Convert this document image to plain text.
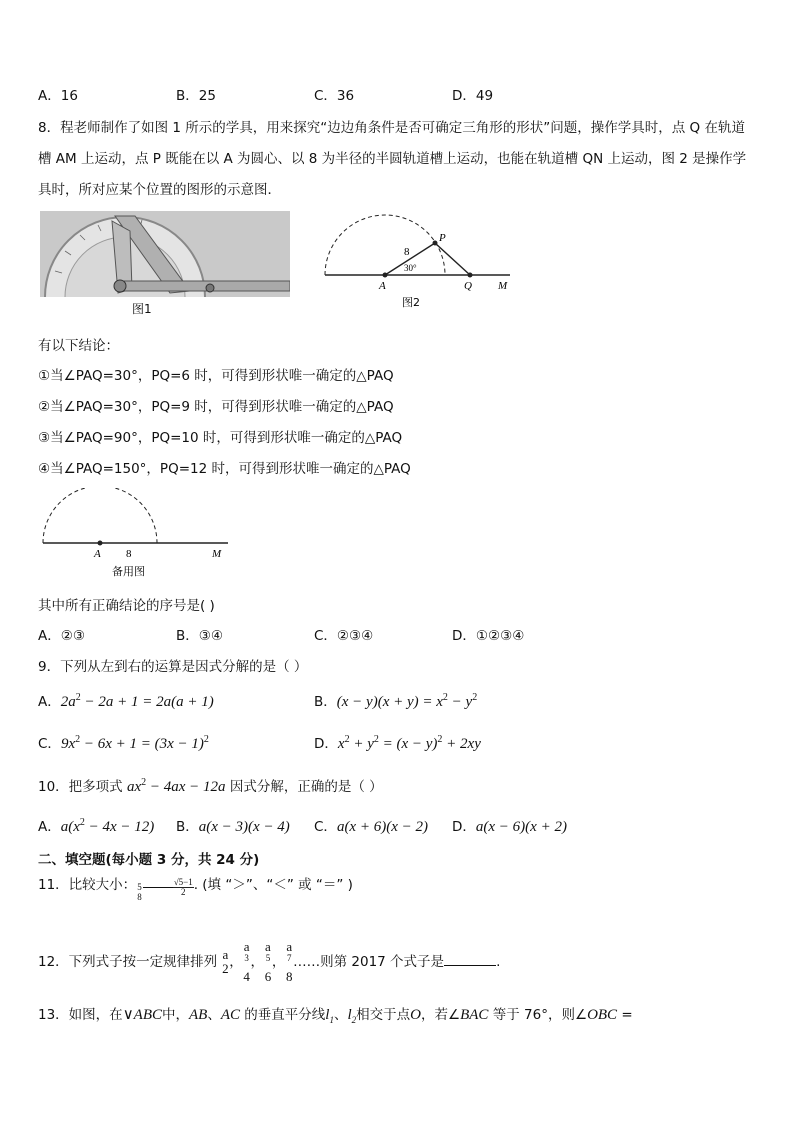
A．16	B．25	C．36	D．49
8．程老师制作了如图 1 所示的学具，用来探究“边边角条件是否可确定三角形的形状”问题，操作学具时，点 Q 在轨道
槽 AM 上运动，点 P 既能在以 A 为圆心、以 8 为半径的半圆轨道槽上运动，也能在轨道槽 QN 上运动，图 2 是操作学
具时，所对应某个位置的图形的示意图．
图1
P
8
30°
A	Q M
图2
有以下结论：
①当∠PAQ=30°，PQ=6 时，可得到形状唯一确定的△PAQ
②当∠PAQ=30°，PQ=9 时，可得到形状唯一确定的△PAQ
③当∠PAQ=90°，PQ=10 时，可得到形状唯一确定的△PAQ
④当∠PAQ=150°，PQ=12 时，可得到形状唯一确定的△PAQ
A 8	M
备用图
其中所有正确结论的序号是( )
A．②③	B．③④	C．②③④	D．①②③④
9．下列从左到右的运算是因式分解的是（ ）
A．$2a^2 - 2a + 1 = 2a(a + 1)$	B．$(x - y)(x + y) = x^2 - y^2$
C．$9x^2 - 6x + 1 = (3x - 1)^2$	D．$x^2 + y^2 = (x - y)^2 + 2xy$
10．把多项式 $ax^2 - 4ax - 12a$ 因式分解，正确的是（ ）
A．$a(x^2 - 4x - 12)$ B．a(x − 3)(x − 4) C．a(x + 6)(x − 2) D．a(x − 6)(x + 2)
二、填空题(每小题 3 分，共 24 分)
11．比较大小： 5
8	$\frac{√5-1}{2}$ . (填 “＞”、“＜” 或 “＝” )
12．下列式子按一定规律排列 a
2 ，
a
$^3$
4
，
a
$^5$
6
，
a
$^7$
8
……则第 2017 个式子是	.
13．如图，在∨ABC中，AB、AC 的垂直平分线$l_1$、$l_2$相交于点O，若∠BAC 等于 76°，则∠OBC =
